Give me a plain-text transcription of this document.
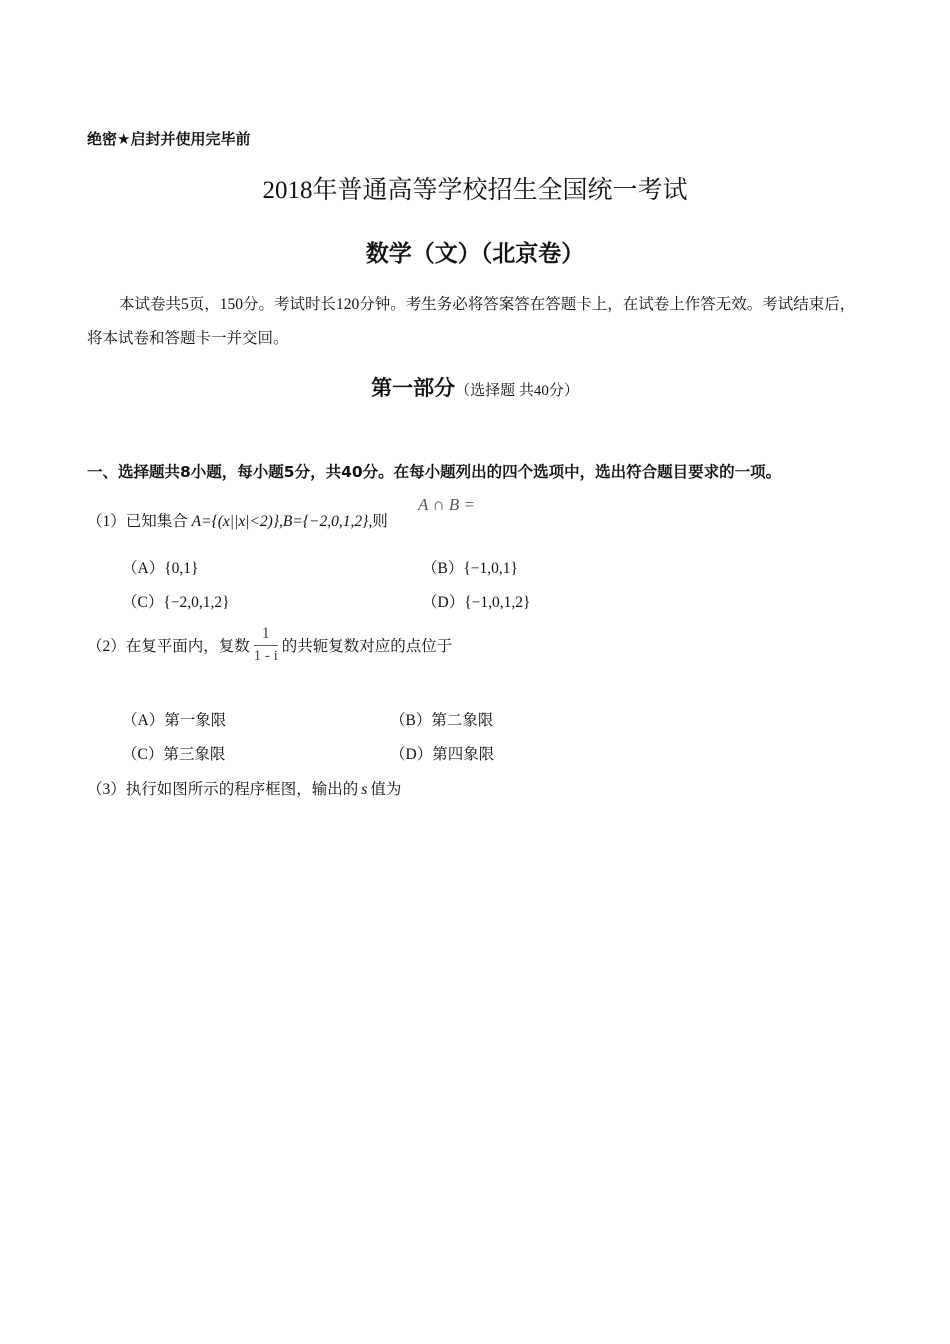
绝密★启封并使用完毕前
2018年普通高等学校招生全国统一考试
数学（文）（北京卷）
本试卷共5页，150分。考试时长120分钟。考生务必将答案答在答题卡上，在试卷上作答无效。考试结束后，将本试卷和答题卡一并交回。
第一部分（选择题 共40分）
一、选择题共8小题，每小题5分，共40分。在每小题列出的四个选项中，选出符合题目要求的一项。
（1）已知集合 A={(x||x|<2)},B={−2,0,1,2},则
A ∩ B =
（A）{0,1}	（B）{−1,0,1}
（C）{−2,0,1,2}	（D）{−1,0,1,2}
（2）在复平面内，复数 $\frac{1}{1 - i}$ 的共轭复数对应的点位于
（A）第一象限	（B）第二象限
（C）第三象限	（D）第四象限
（3）执行如图所示的程序框图，输出的 s 值为
